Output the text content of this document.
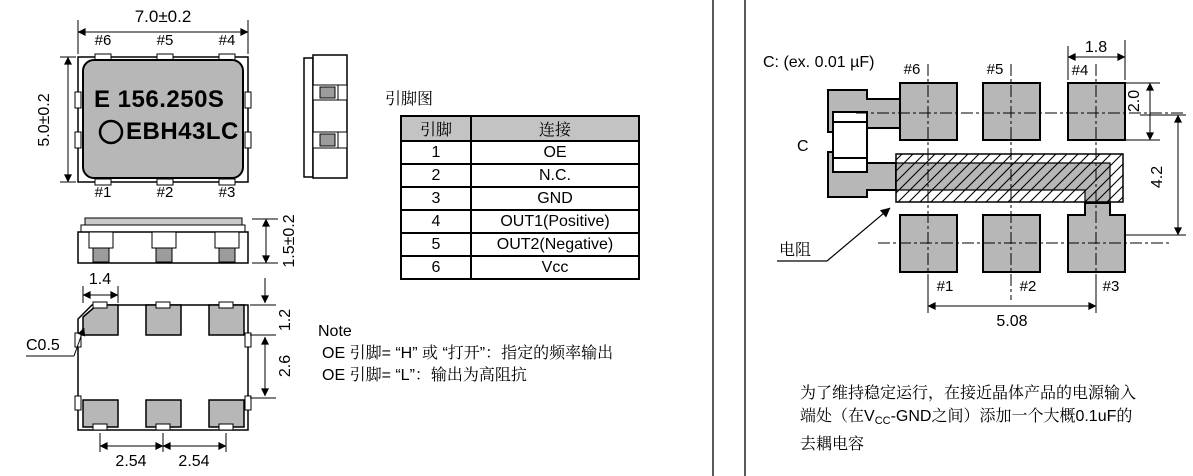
7.0±0.2
5.0±0.2
#6	#5	#4
#1	#2	#3
E 156.250S
EBH43LC
1.5±0.2
1.4
1.2
2.6
2.54	2.54
C0.5
引脚图
引脚	连接
1	OE
2	N.C.
3	GND
4	OUT1(Positive)
5	OUT2(Negative)
6	Vcc
Note
OE 引脚= “H” 或 “打开”：指定的频率输出
OE 引脚= “L”：输出为高阻抗
C: (ex. 0.01 µF)
C
电阻
#6	#5	#4
#1	#2	#3
1.8
2.0
4.2
5.08
为了维持稳定运行，在接近晶体产品的电源输入
端处（在$V_{CC}$-GND之间）添加一个大概0.1uF的
去耦电容
